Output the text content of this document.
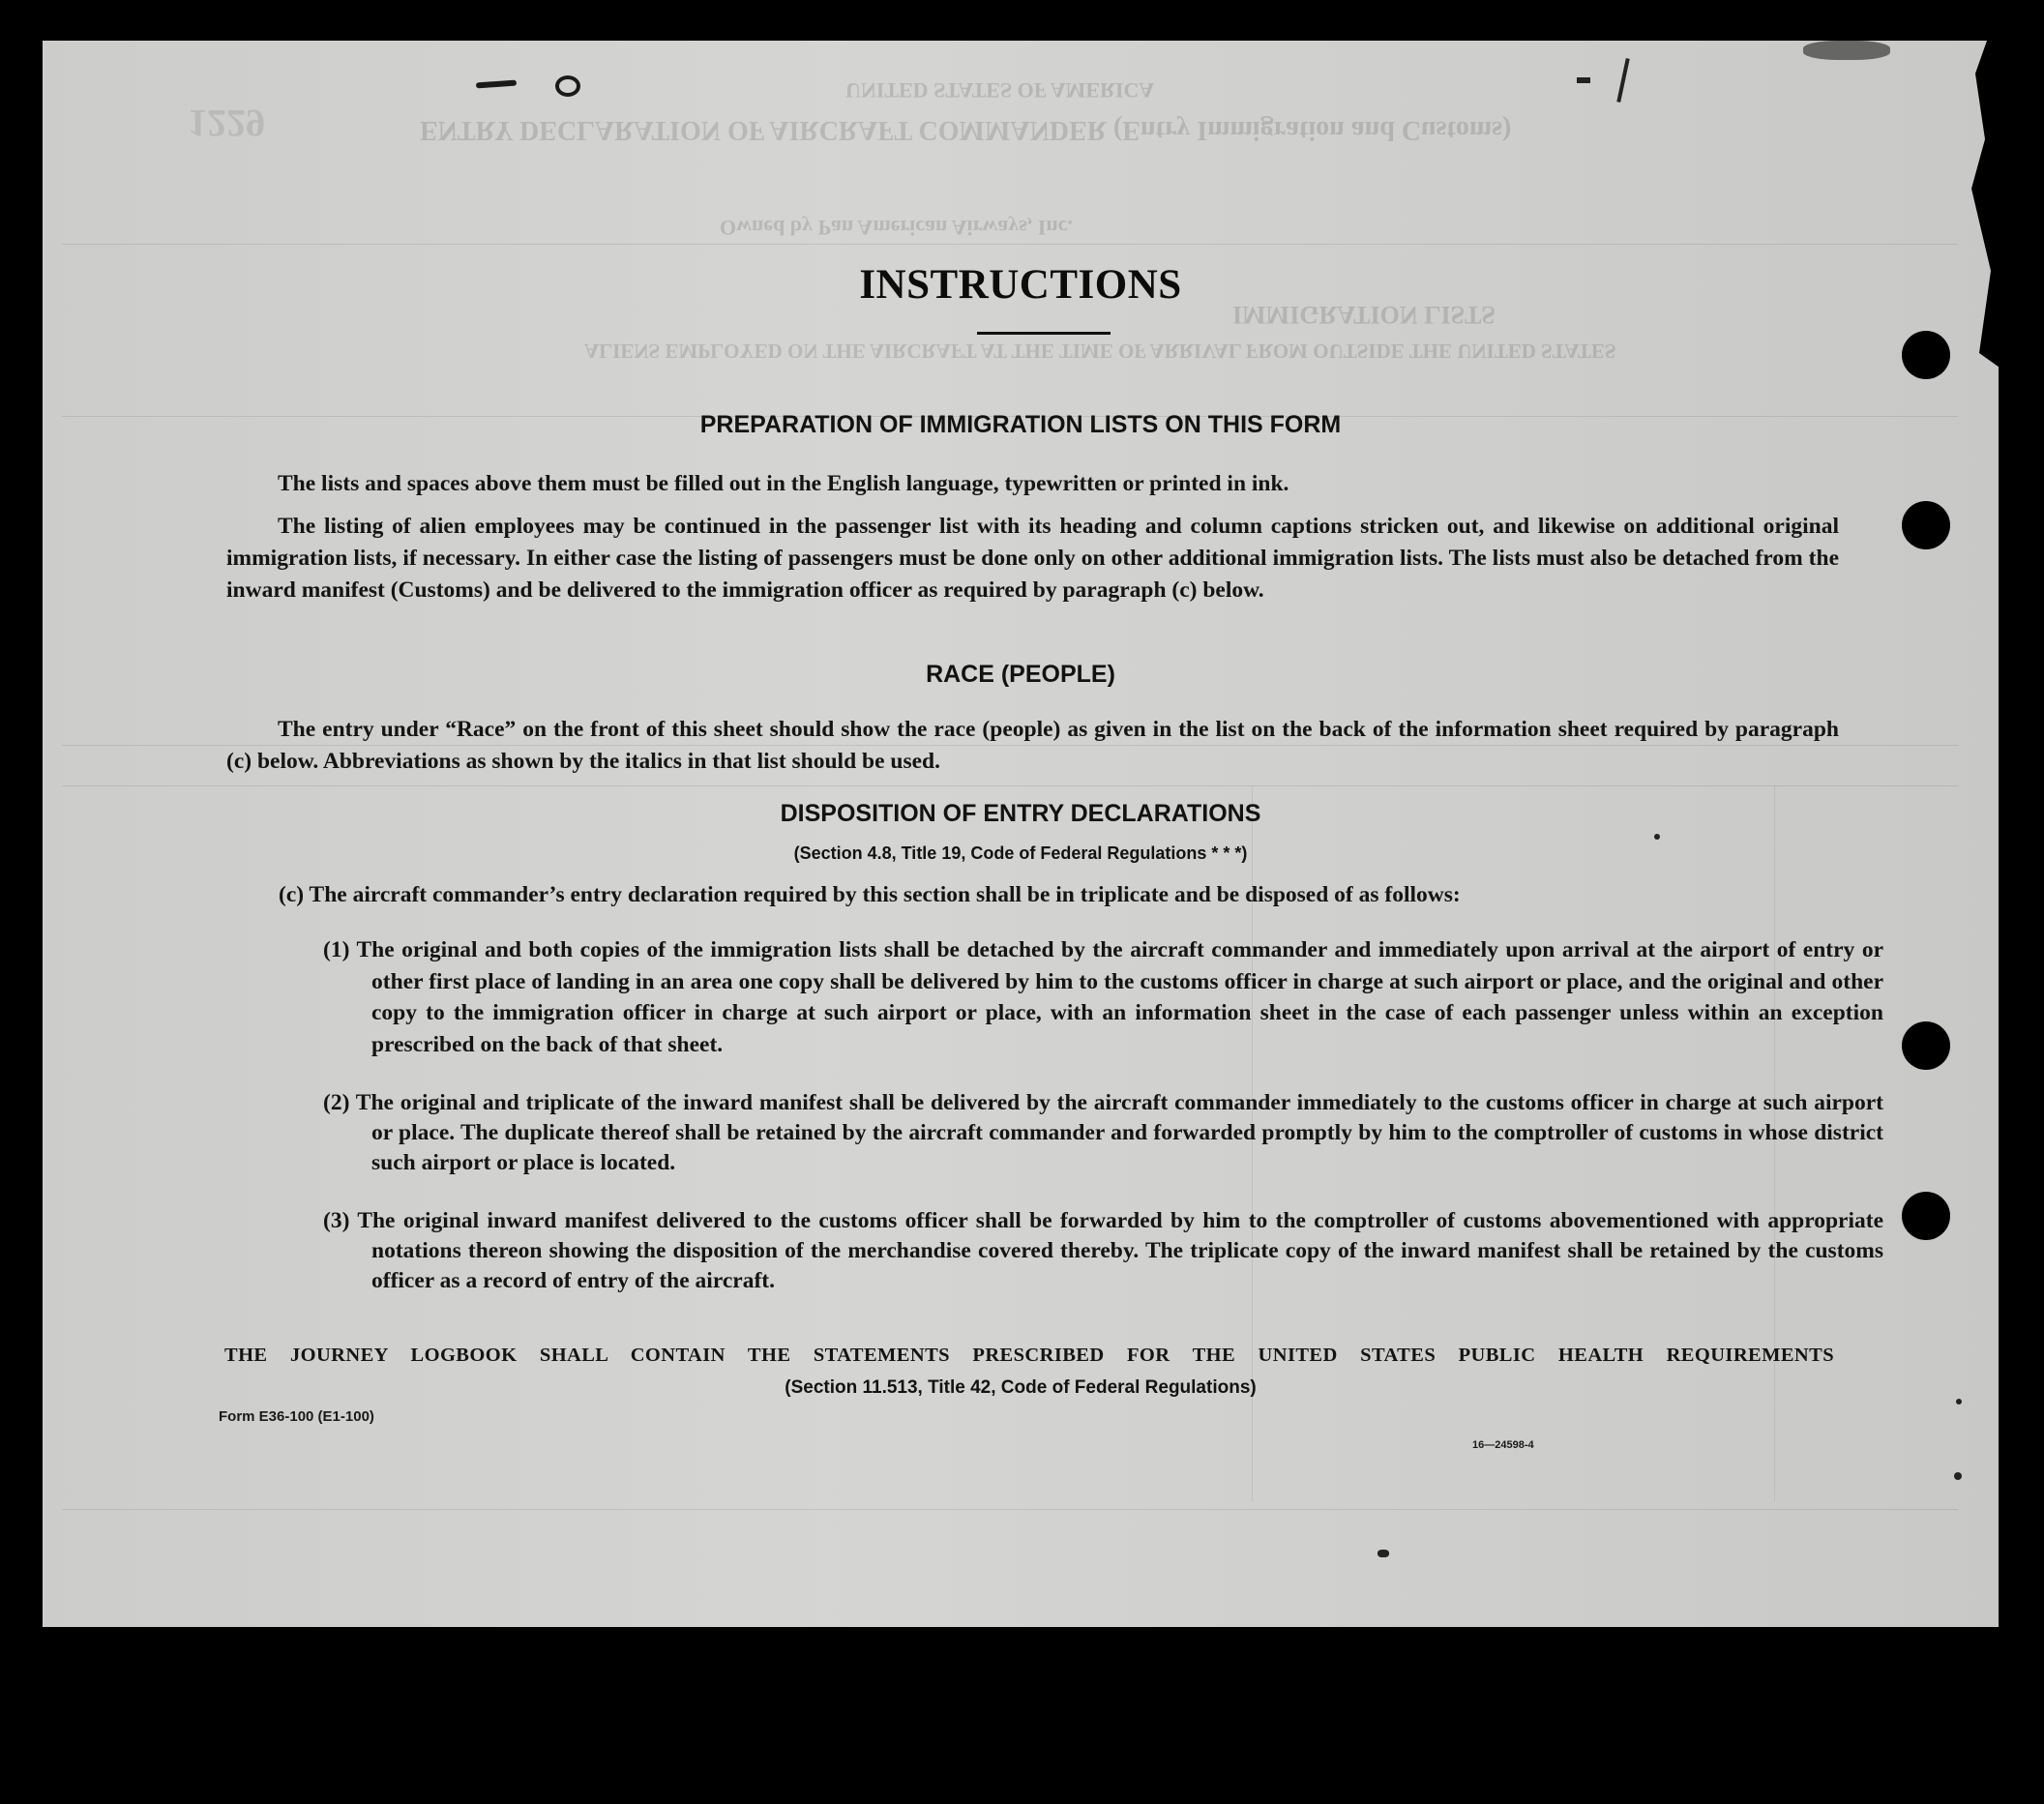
UNITED STATES OF AMERICA
ENTRY DECLARATION OF AIRCRAFT COMMANDER (Entry Immigration and Customs)
1229
Owned by Pan American Airways, Inc.
IMMIGRATION LISTS
ALIENS EMPLOYED ON THE AIRCRAFT AT THE TIME OF ARRIVAL FROM OUTSIDE THE UNITED STATES
INSTRUCTIONS
PREPARATION OF IMMIGRATION LISTS ON THIS FORM
The lists and spaces above them must be filled out in the English language, typewritten or printed in ink.
The listing of alien employees may be continued in the passenger list with its heading and column captions stricken out, and likewise on additional original immigration lists, if necessary. In either case the listing of passengers must be done only on other additional immigration lists. The lists must also be detached from the inward manifest (Customs) and be delivered to the immigration officer as required by paragraph (c) below.
RACE (PEOPLE)
The entry under “Race” on the front of this sheet should show the race (people) as given in the list on the back of the information sheet required by paragraph (c) below. Abbreviations as shown by the italics in that list should be used.
DISPOSITION OF ENTRY DECLARATIONS
(Section 4.8, Title 19, Code of Federal Regulations * * *)
(c) The aircraft commander’s entry declaration required by this section shall be in triplicate and be disposed of as follows:
(1) The original and both copies of the immigration lists shall be detached by the aircraft commander and immediately upon arrival at the airport of entry or other first place of landing in an area one copy shall be delivered by him to the customs officer in charge at such airport or place, and the original and other copy to the immigration officer in charge at such airport or place, with an information sheet in the case of each passenger unless within an exception prescribed on the back of that sheet.
(2) The original and triplicate of the inward manifest shall be delivered by the aircraft commander immediately to the customs officer in charge at such airport or place. The duplicate thereof shall be retained by the aircraft commander and forwarded promptly by him to the comptroller of customs in whose district such airport or place is located.
(3) The original inward manifest delivered to the customs officer shall be forwarded by him to the comptroller of customs abovementioned with appropriate notations thereon showing the disposition of the merchandise covered thereby. The triplicate copy of the inward manifest shall be retained by the customs officer as a record of entry of the aircraft.
THE JOURNEY LOGBOOK SHALL CONTAIN THE STATEMENTS PRESCRIBED FOR THE UNITED STATES PUBLIC HEALTH REQUIREMENTS
(Section 11.513, Title 42, Code of Federal Regulations)
Form E36-100 (E1-100)
16—24598-4
